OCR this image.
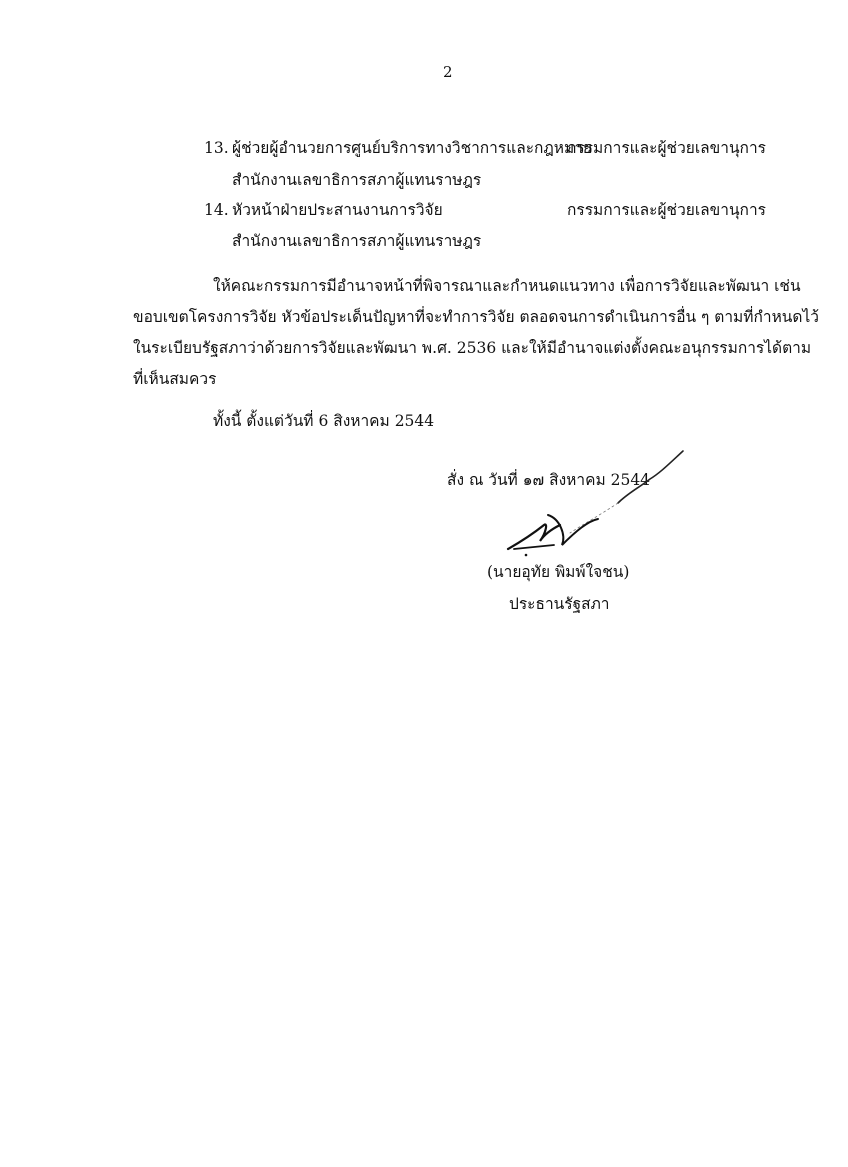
2
13. ผู้ช่วยผู้อำนวยการศูนย์บริการทางวิชาการและกฎหมาย
กรรมการและผู้ช่วยเลขานุการ
สำนักงานเลขาธิการสภาผู้แทนราษฎร
14. หัวหน้าฝ่ายประสานงานการวิจัย	กรรมการและผู้ช่วยเลขานุการ
สำนักงานเลขาธิการสภาผู้แทนราษฎร
ให้คณะกรรมการมีอำนาจหน้าที่พิจารณาและกำหนดแนวทาง เพื่อการวิจัยและพัฒนา เช่น
ขอบเขตโครงการวิจัย หัวข้อประเด็นปัญหาที่จะทำการวิจัย ตลอดจนการดำเนินการอื่น ๆ ตามที่กำหนดไว้
ในระเบียบรัฐสภาว่าด้วยการวิจัยและพัฒนา พ.ศ. 2536 และให้มีอำนาจแต่งตั้งคณะอนุกรรมการได้ตาม
ที่เห็นสมควร
ทั้งนี้ ตั้งแต่วันที่ 6 สิงหาคม 2544
สั่ง ณ วันที่ ๑๗ สิงหาคม 2544
(นายอุทัย พิมพ์ใจชน)
ประธานรัฐสภา
